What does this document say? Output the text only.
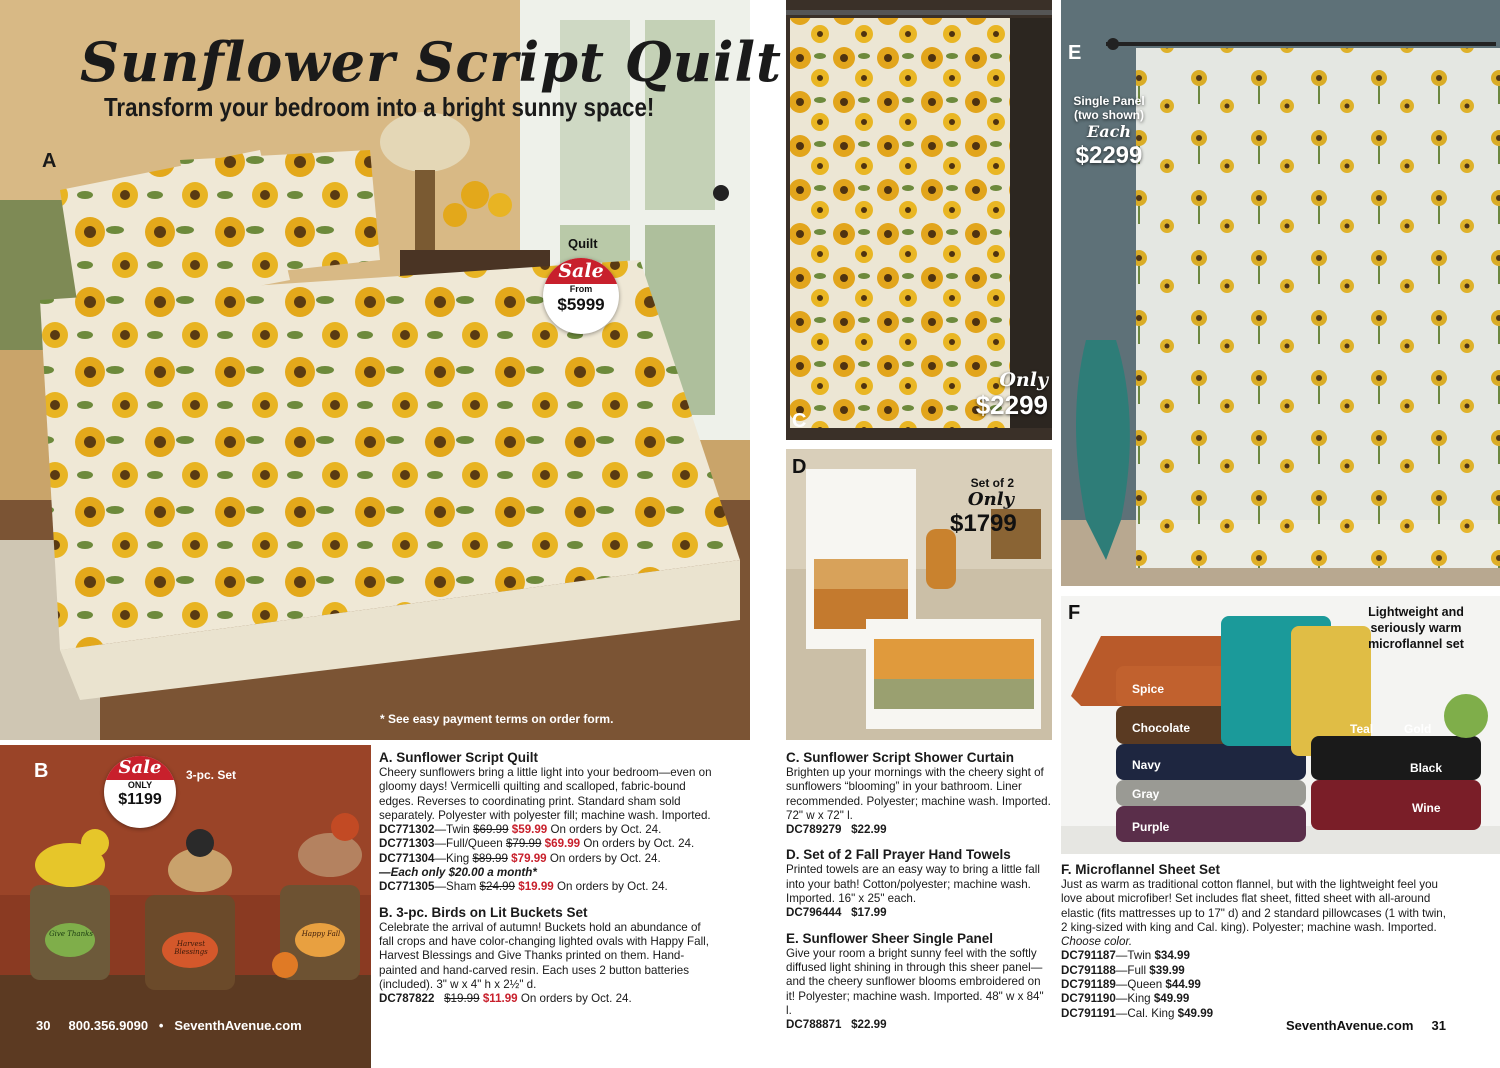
Sunflower Script Quilt
Transform your bedroom into a bright sunny space!
A
Quilt
Sale
From
$5999
* See easy payment terms on order form.
B	Sale
ONLY
$1199
3-pc. Set
Give Thanks
Harvest Blessings
Happy Fall
30 800.356.9090 • SeventhAvenue.com
A. Sunflower Script Quilt

Cheery sunflowers bring a little light into your bedroom—even on gloomy days! Vermicelli quilting and scalloped, fabric-bound edges. Reverses to coordinating print. Standard sham sold separately. Polyester with polyester fill; machine wash. Imported.

DC771302—Twin $69.99 $59.99 On orders by Oct. 24.

DC771303—Full/Queen $79.99 $69.99 On orders by Oct. 24.

DC771304—King $89.99 $79.99 On orders by Oct. 24.

—Each only $20.00 a month*

DC771305—Sham $24.99 $19.99 On orders by Oct. 24.

B. 3-pc. Birds on Lit Buckets Set

Celebrate the arrival of autumn! Buckets hold an abundance of fall crops and have color-changing lighted ovals with Happy Fall, Harvest Blessings and Give Thanks printed on them. Hand-painted and hand-carved resin. Each uses 2 button batteries (included). 3" w x 4" h x 2½" d.

DC787822 $19.99 $11.99 On orders by Oct. 24.

C
Only
$2299
D
Set of 2
Only
$1799
E
Single Panel
(two shown)
Each
$2299
F	Lightweight and seriously warm microflannel set
Spice
Chocolate
Navy
Gray
Purple
Teal	Gold
Black
Wine
C. Sunflower Script Shower Curtain

Brighten up your mornings with the cheery sight of sunflowers “blooming” in your bathroom. Liner recommended. Polyester; machine wash. Imported. 72" w x 72" l.

DC789279 $22.99

D. Set of 2 Fall Prayer Hand Towels

Printed towels are an easy way to bring a little fall into your bath! Cotton/polyester; machine wash. Imported. 16" x 25" each.

DC796444 $17.99

E. Sunflower Sheer Single Panel

Give your room a bright sunny feel with the softly diffused light shining in through this sheer panel—and the cheery sunflower blooms embroidered on it! Polyester; machine wash. Imported. 48" w x 84" l.

DC788871 $22.99

F. Microflannel Sheet Set

Just as warm as traditional cotton flannel, but with the lightweight feel you love about microfiber! Set includes flat sheet, fitted sheet with all-around elastic (fits mattresses up to 17" d) and 2 standard pillowcases (1 with twin, 2 king-sized with king and Cal. king). Polyester; machine wash. Imported. Choose color.

DC791187—Twin $34.99

DC791188—Full $39.99

DC791189—Queen $44.99

DC791190—King $49.99

DC791191—Cal. King $49.99

SeventhAvenue.com 31
